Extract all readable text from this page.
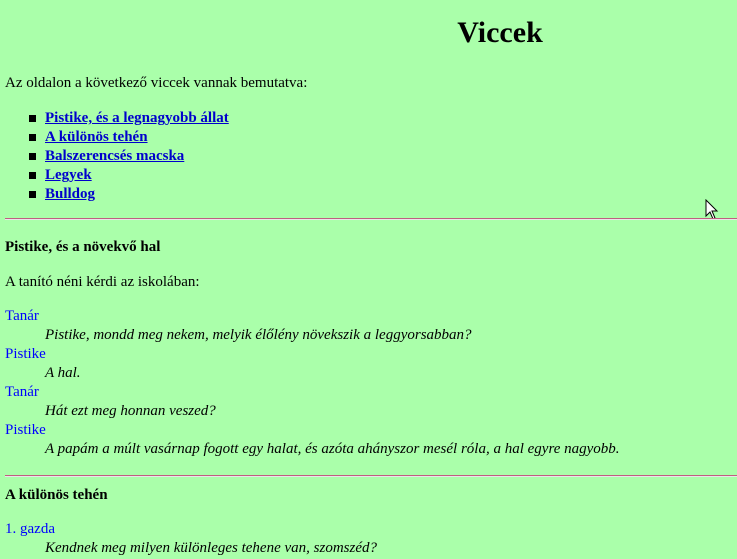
Viccek

Az oldalon a következő viccek vannak bemutatva:

Pistike, és a legnagyobb állat
A különös tehén
Balszerencsés macska
Legyek
Bulldog
Pistike, és a növekvő hal

A tanító néni kérdi az iskolában:

Tanár
Pistike, mondd meg nekem, melyik élőlény növekszik a leggyorsabban?
Pistike
A hal.
Tanár
Hát ezt meg honnan veszed?
Pistike
A papám a múlt vasárnap fogott egy halat, és azóta ahányszor mesél róla, a hal egyre nagyobb.
A különös tehén
1. gazda
Kendnek meg milyen különleges tehene van, szomszéd?
